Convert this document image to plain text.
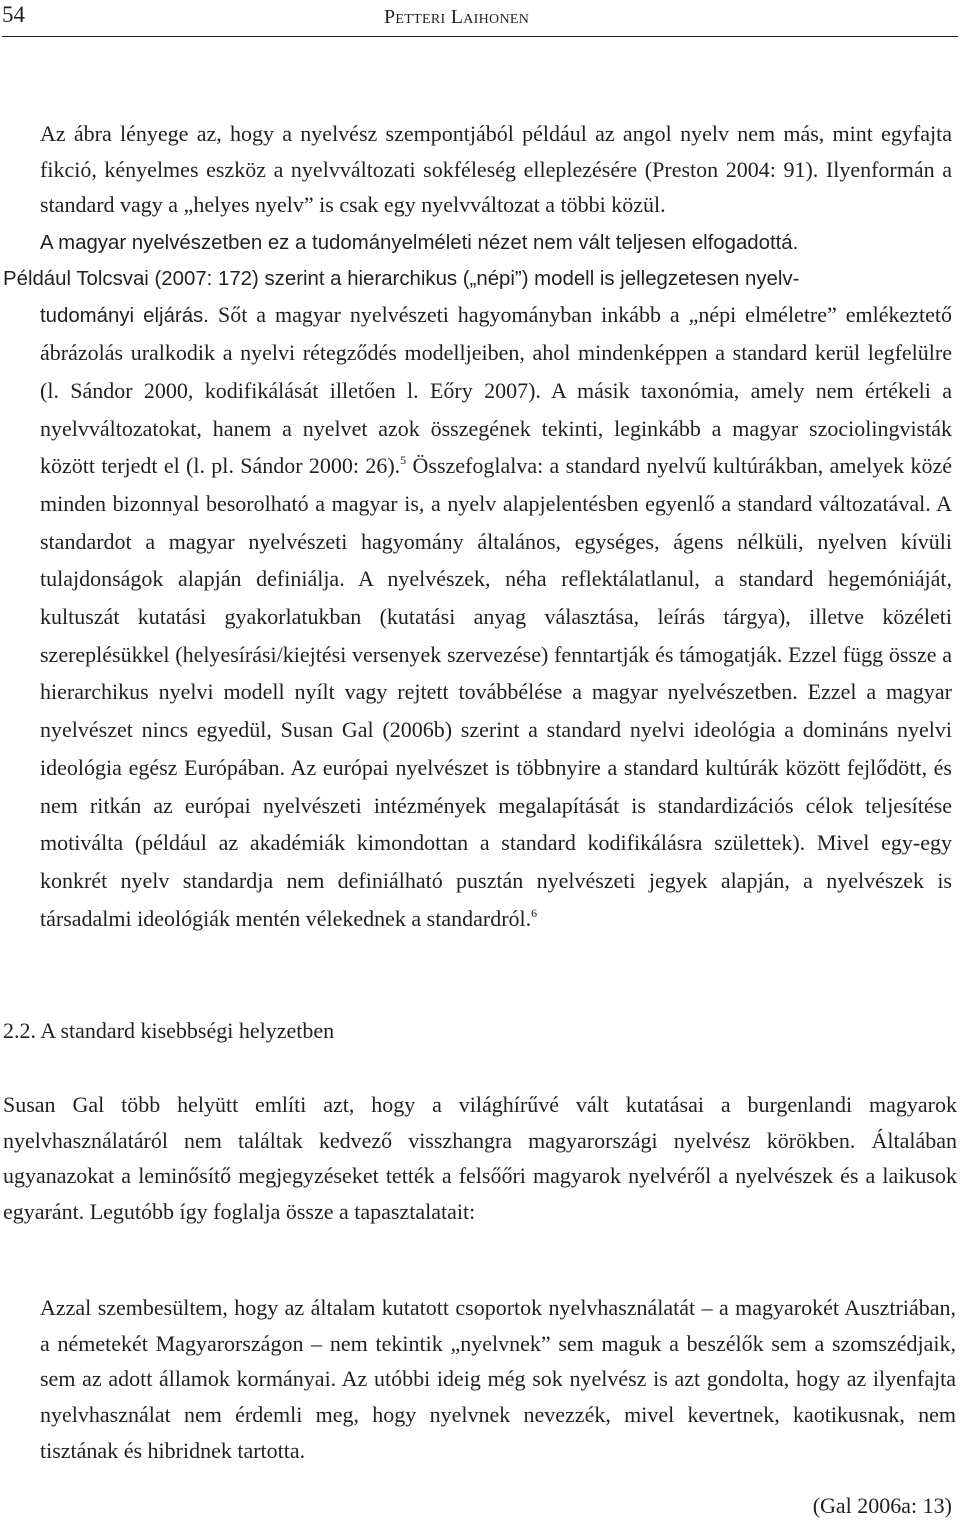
54	Petteri Laihonen

Az ábra lényege az, hogy a nyelvész szempontjából például az angol nyelv nem más, mint egyfajta fikció, kényelmes eszköz a nyelvváltozati sokféleség elleplezésére (Preston 2004: 91). Ilyenformán a standard vagy a „helyes nyelv” is csak egy nyelvváltozat a többi közül.

A magyar nyelvészetben ez a tudományelméleti nézet nem vált teljesen elfogadottá.
Például Tolcsvai (2007: 172) szerint a hierarchikus („népi”) modell is jellegzetesen nyelv-
tudományi eljárás. Sőt a magyar nyelvészeti hagyományban inkább a „népi elméletre” emlékeztető ábrázolás uralkodik a nyelvi rétegződés modelljeiben, ahol mindenképpen a standard kerül legfelülre (l. Sándor 2000, kodifikálását illetően l. Eőry 2007). A másik taxonómia, amely nem értékeli a nyelvváltozatokat, hanem a nyelvet azok összegének tekinti, leginkább a magyar szociolingvisták között terjedt el (l. pl. Sándor 2000: 26).$^5$ Összefoglalva: a standard nyelvű kultúrákban, amelyek közé minden bizonnyal besorolható a magyar is, a nyelv alapjelentésben egyenlő a standard változatával. A standardot a magyar nyelvészeti hagyomány általános, egységes, ágens nélküli, nyelven kívüli tulajdonságok alapján definiálja. A nyelvészek, néha reflektálatlanul, a standard hegemóniáját, kultuszát kutatási gyakorlatukban (kutatási anyag választása, leírás tárgya), illetve közéleti szereplésükkel (helyesírási/kiejtési versenyek szervezése) fenntartják és támogatják. Ezzel függ össze a hierarchikus nyelvi modell nyílt vagy rejtett továbbélése a magyar nyelvészetben. Ezzel a magyar nyelvészet nincs egyedül, Susan Gal (2006b) szerint a standard nyelvi ideológia a domináns nyelvi ideológia egész Európában. Az európai nyelvészet is többnyire a standard kultúrák között fejlődött, és nem ritkán az európai nyelvészeti intézmények megalapítását is standardizációs célok teljesítése motiválta (például az akadémiák kimondottan a standard kodifikálásra születtek). Mivel egy-egy konkrét nyelv standardja nem definiálható pusztán nyelvészeti jegyek alapján, a nyelvészek is társadalmi ideológiák mentén vélekednek a standardról.$^6$
2.2. A standard kisebbségi helyzetben

Susan Gal több helyütt említi azt, hogy a világhírűvé vált kutatásai a burgenlandi magyarok nyelvhasználatáról nem találtak kedvező visszhangra magyarországi nyelvész körökben. Általában ugyanazokat a leminősítő megjegyzéseket tették a felsőőri magyarok nyelvéről a nyelvészek és a laikusok egyaránt. Legutóbb így foglalja össze a tapasztalatait:

Azzal szembesültem, hogy az általam kutatott csoportok nyelvhasználatát – a magyarokét Ausztriában, a németekét Magyarországon – nem tekintik „nyelvnek” sem maguk a beszélők sem a szomszédjaik, sem az adott államok kormányai. Az utóbbi ideig még sok nyelvész is azt gondolta, hogy az ilyenfajta nyelvhasználat nem érdemli meg, hogy nyelvnek nevezzék, mivel kevertnek, kaotikusnak, nem tisztának és hibridnek tartotta.

(Gal 2006a: 13)
